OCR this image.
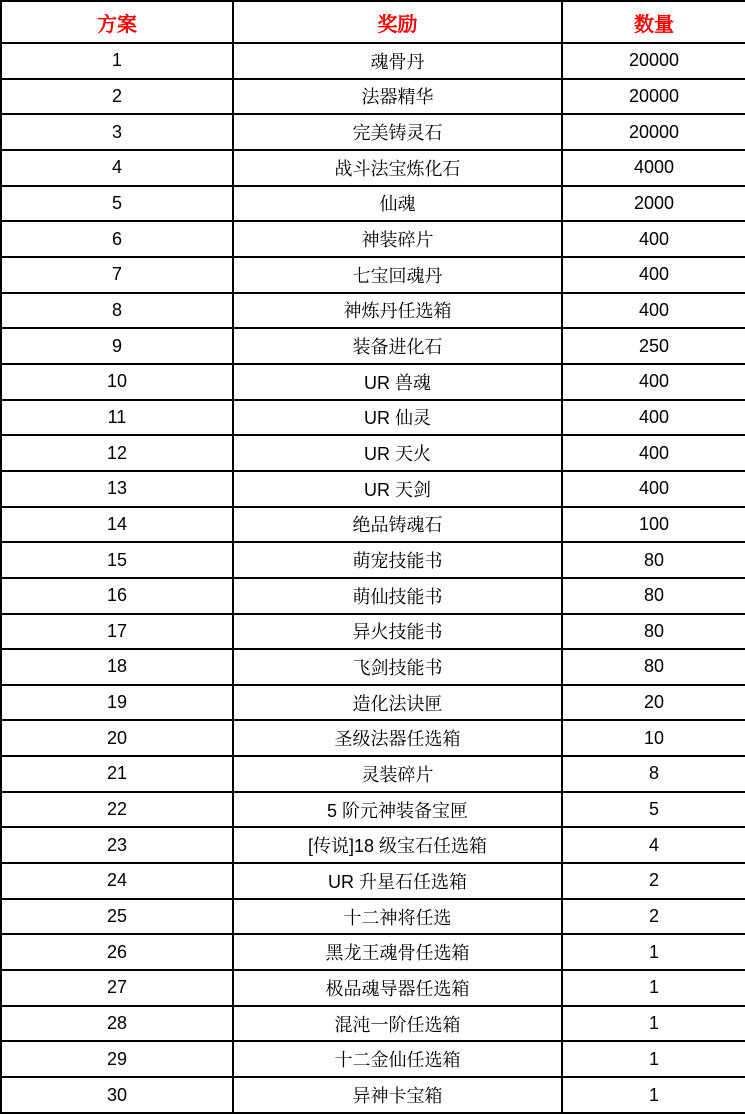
方案	奖励	数量
1	魂骨丹	20000
2	法器精华	20000
3	完美铸灵石	20000
4	战斗法宝炼化石	4000
5	仙魂	2000
6	神装碎片	400
7	七宝回魂丹	400
8	神炼丹任选箱	400
9	装备进化石	250
10	UR 兽魂	400
11	UR 仙灵	400
12	UR 天火	400
13	UR 天剑	400
14	绝品铸魂石	100
15	萌宠技能书	80
16	萌仙技能书	80
17	异火技能书	80
18	飞剑技能书	80
19	造化法诀匣	20
20	圣级法器任选箱	10
21	灵装碎片	8
22	5 阶元神装备宝匣	5
23	[传说]18 级宝石任选箱	4
24	UR 升星石任选箱	2
25	十二神将任选	2
26	黑龙王魂骨任选箱	1
27	极品魂导器任选箱	1
28	混沌一阶任选箱	1
29	十二金仙任选箱	1
30	异神卡宝箱	1
